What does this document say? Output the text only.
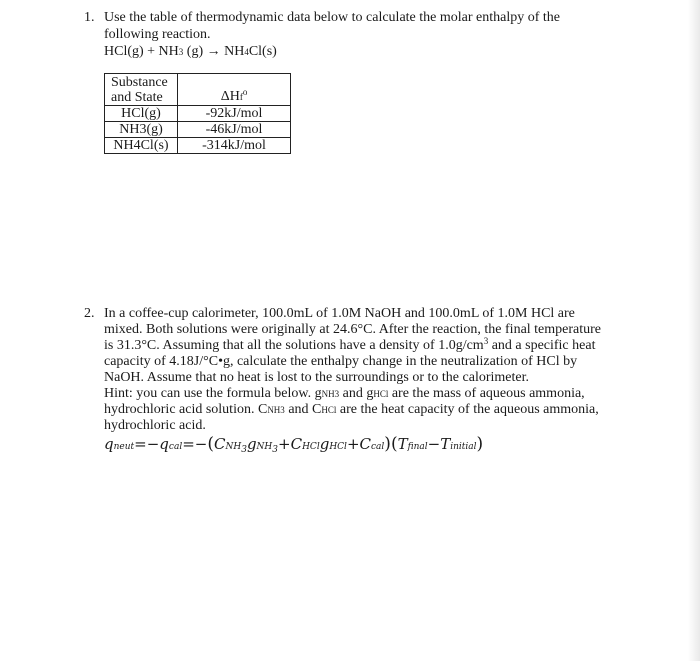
1. Use the table of thermodynamic data below to calculate the molar enthalpy of the
following reaction.
HCl(g) + NH3 (g) → NH4Cl(s)
Substance
and State	ΔHf$^o$

HCl(g)	-92kJ/mol
NH3(g)	-46kJ/mol
NH4Cl(s)	-314kJ/mol
2. In a coffee-cup calorimeter, 100.0mL of 1.0M NaOH and 100.0mL of 1.0M HCl are
mixed. Both solutions were originally at 24.6°C. After the reaction, the final temperature
is 31.3°C. Assuming that all the solutions have a density of $1.0g/cm^3$ and a specific heat
capacity of 4.18J/°C•g, calculate the enthalpy change in the neutralization of HCl by
NaOH. Assume that no heat is lost to the surroundings or to the calorimeter.
Hint: you can use the formula below. gNH3 and gHCl are the mass of aqueous ammonia,
hydrochloric acid solution. CNH3 and CHCl are the heat capacity of the aqueous ammonia,
hydrochloric acid.
$qneut=-qcal=-(CNH_3gNH_3+CHClgHCl+Ccal)(Tfinal-Tinitial)$
